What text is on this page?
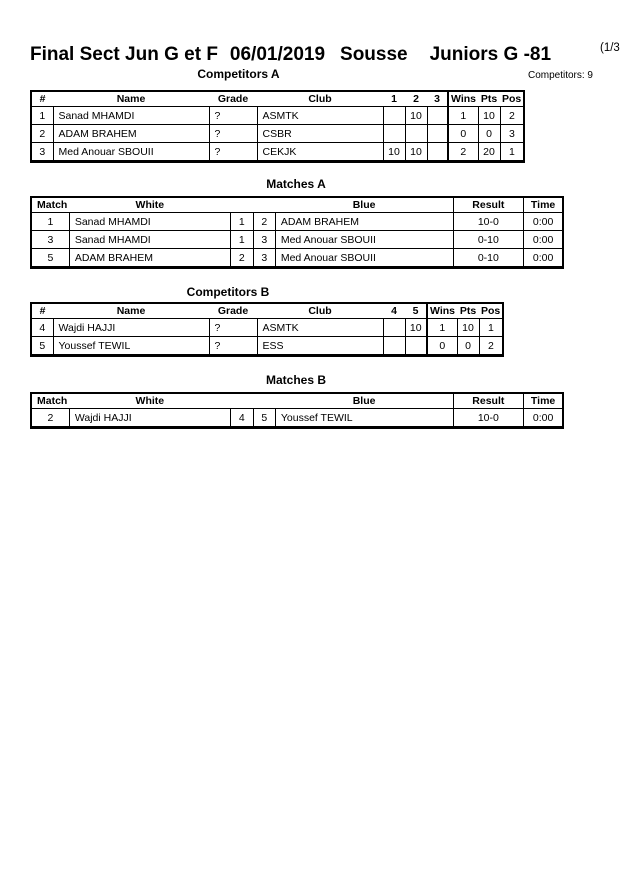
Final Sect Jun G et F 06/01/2019 Sousse Juniors G -81	(1/3
Competitors A	Competitors: 9
#	Name	Grade	Club	1	2	3	Wins	Pts	Pos
1	Sanad MHAMDI	?	ASMTK		10		1	10	2
2	ADAM BRAHEM	?	CSBR				0	0	3
3	Med Anouar SBOUII	?	CEKJK	10	10		2	20	1
Matches A
Match	White			Blue	Result	Time
1	Sanad MHAMDI	1	2	ADAM BRAHEM	10-0	0:00
3	Sanad MHAMDI	1	3	Med Anouar SBOUII	0-10	0:00
5	ADAM BRAHEM	2	3	Med Anouar SBOUII	0-10	0:00
Competitors B
#	Name	Grade	Club	4	5	Wins	Pts	Pos
4	Wajdi HAJJI	?	ASMTK		10	1	10	1
5	Youssef TEWIL	?	ESS			0	0	2
Matches B
Match	White			Blue	Result	Time
2	Wajdi HAJJI	4	5	Youssef TEWIL	10-0	0:00
